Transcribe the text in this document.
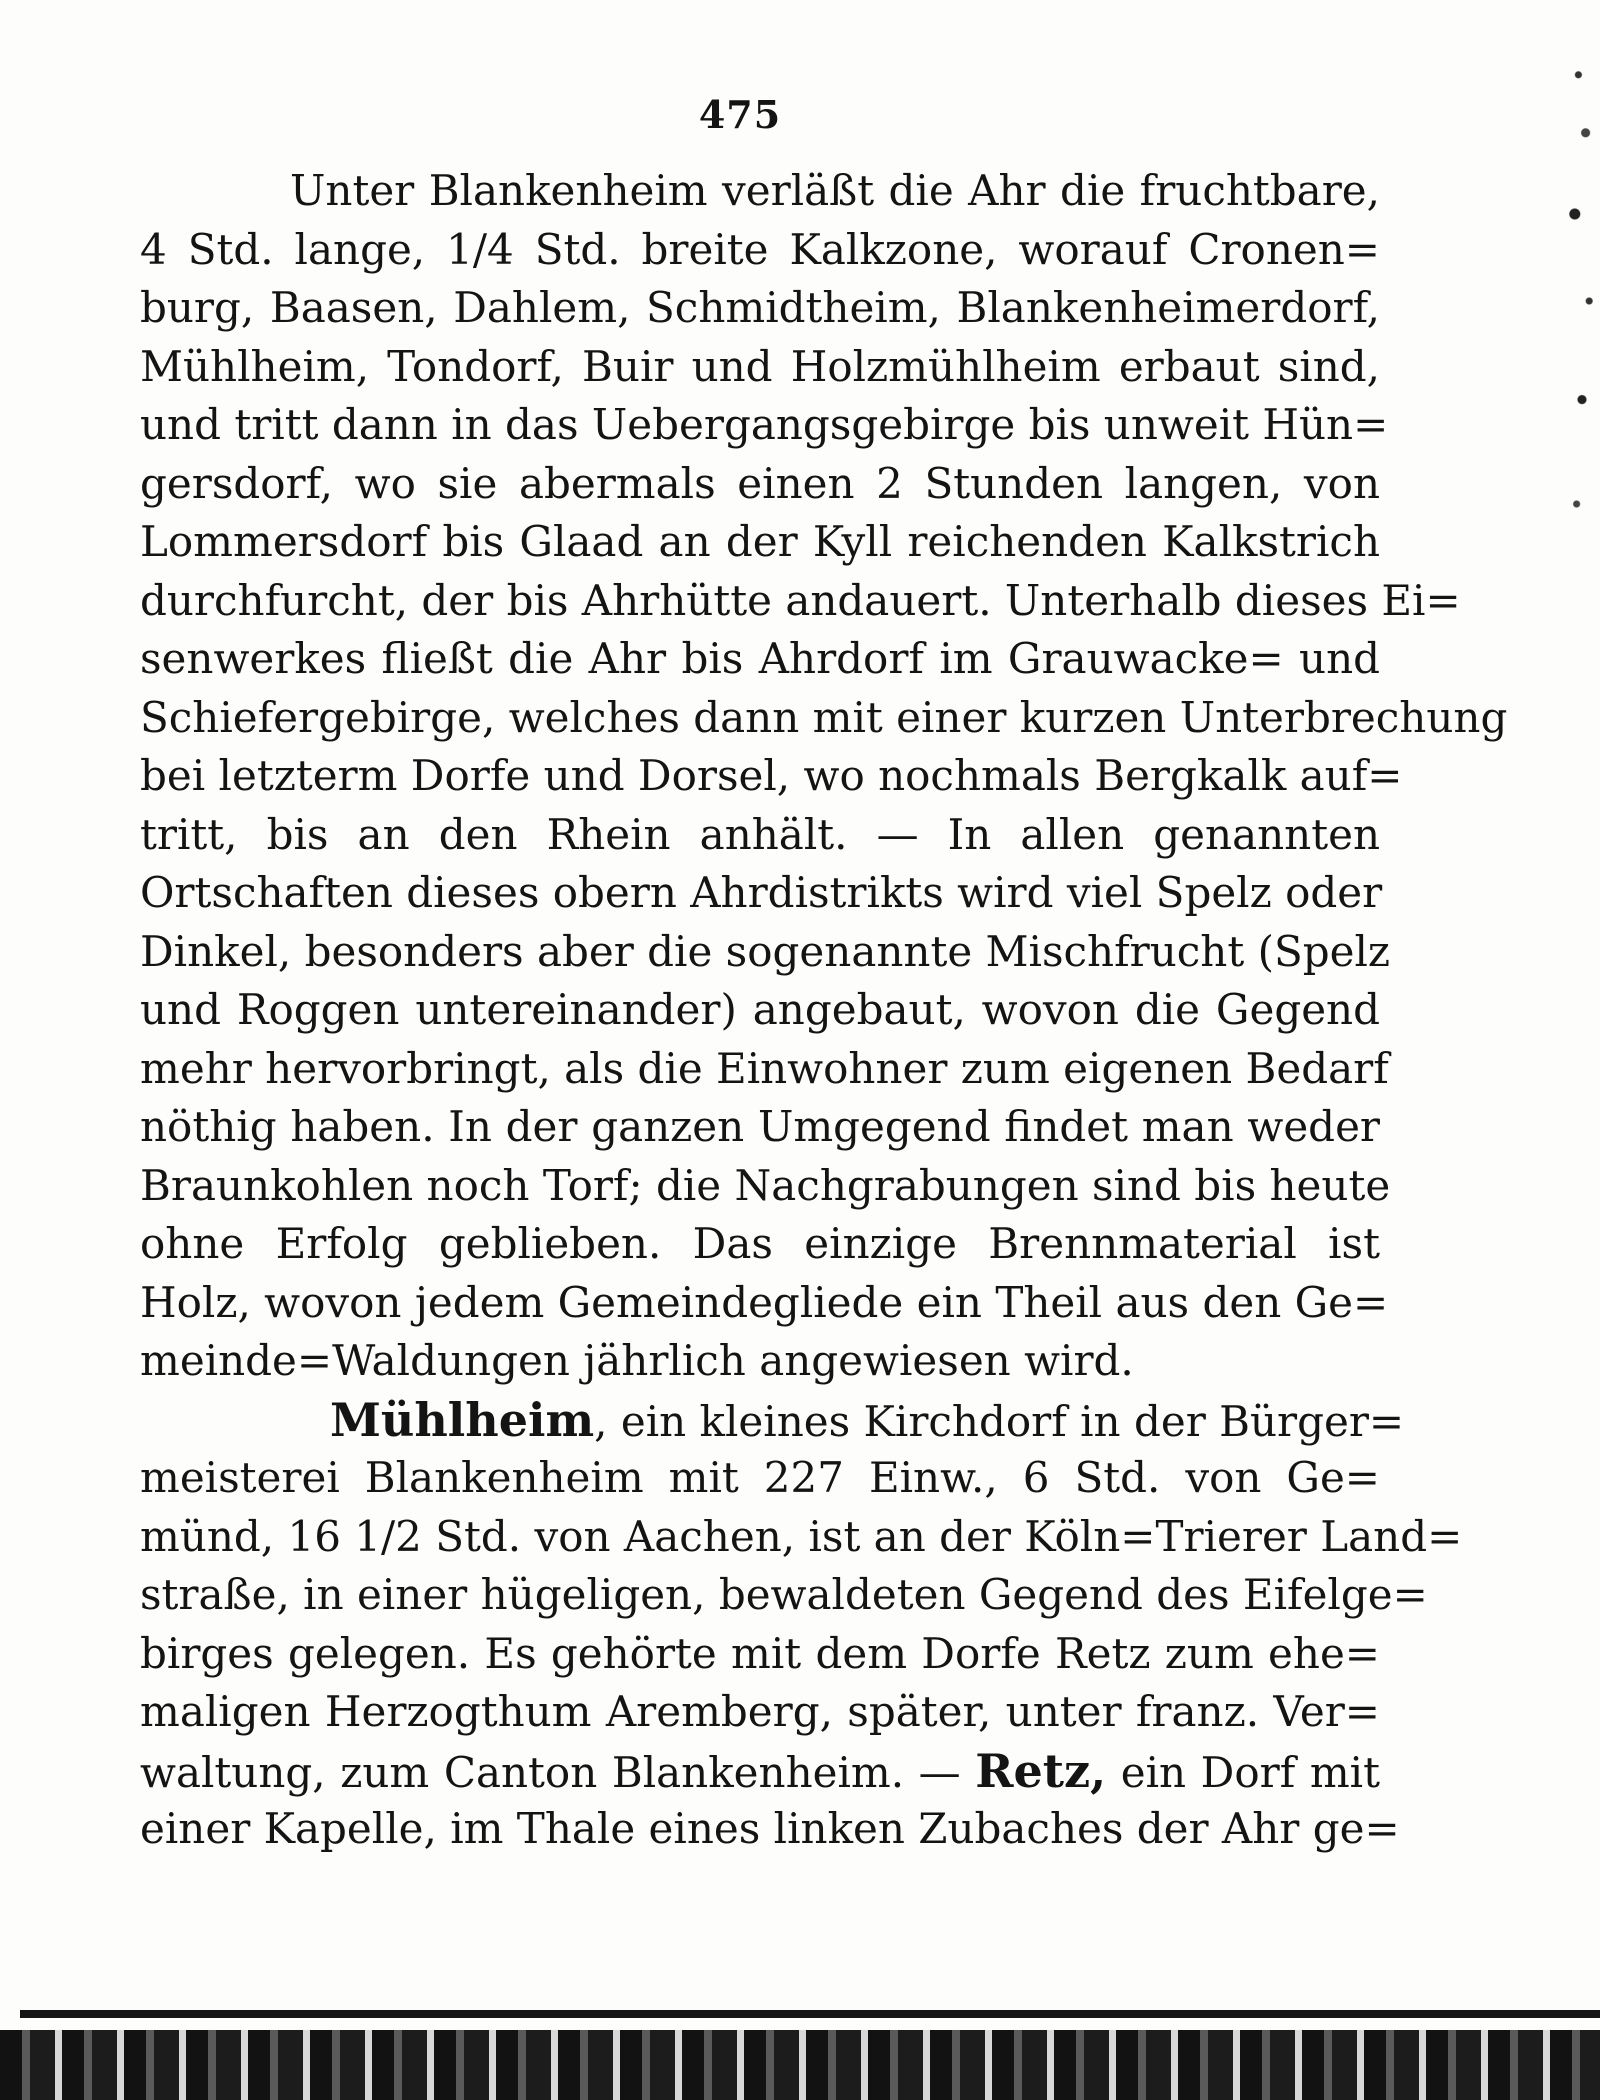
475

Unter Blankenheim verläßt die Ahr die fruchtbare,
4 Std. lange, 1/4 Std. breite Kalkzone, worauf Cronen=
burg, Baasen, Dahlem, Schmidtheim, Blankenheimerdorf,
Mühlheim, Tondorf, Buir und Holzmühlheim erbaut sind,
und tritt dann in das Uebergangsgebirge bis unweit Hün=
gersdorf, wo sie abermals einen 2 Stunden langen, von
Lommersdorf bis Glaad an der Kyll reichenden Kalkstrich
durchfurcht, der bis Ahrhütte andauert. Unterhalb dieses Ei=
senwerkes fließt die Ahr bis Ahrdorf im Grauwacke= und
Schiefergebirge, welches dann mit einer kurzen Unterbrechung
bei letzterm Dorfe und Dorsel, wo nochmals Bergkalk auf=
tritt, bis an den Rhein anhält. — In allen genannten
Ortschaften dieses obern Ahrdistrikts wird viel Spelz oder
Dinkel, besonders aber die sogenannte Mischfrucht (Spelz
und Roggen untereinander) angebaut, wovon die Gegend
mehr hervorbringt, als die Einwohner zum eigenen Bedarf
nöthig haben. In der ganzen Umgegend findet man weder
Braunkohlen noch Torf; die Nachgrabungen sind bis heute
ohne Erfolg geblieben. Das einzige Brennmaterial ist
Holz, wovon jedem Gemeindegliede ein Theil aus den Ge=
meinde=Waldungen jährlich angewiesen wird.

Mühlheim, ein kleines Kirchdorf in der Bürger=
meisterei Blankenheim mit 227 Einw., 6 Std. von Ge=
münd, 16 1/2 Std. von Aachen, ist an der Köln=Trierer Land=
straße, in einer hügeligen, bewaldeten Gegend des Eifelge=
birges gelegen. Es gehörte mit dem Dorfe Retz zum ehe=
maligen Herzogthum Aremberg, später, unter franz. Ver=
waltung, zum Canton Blankenheim. — Retz, ein Dorf mit
einer Kapelle, im Thale eines linken Zubaches der Ahr ge=
